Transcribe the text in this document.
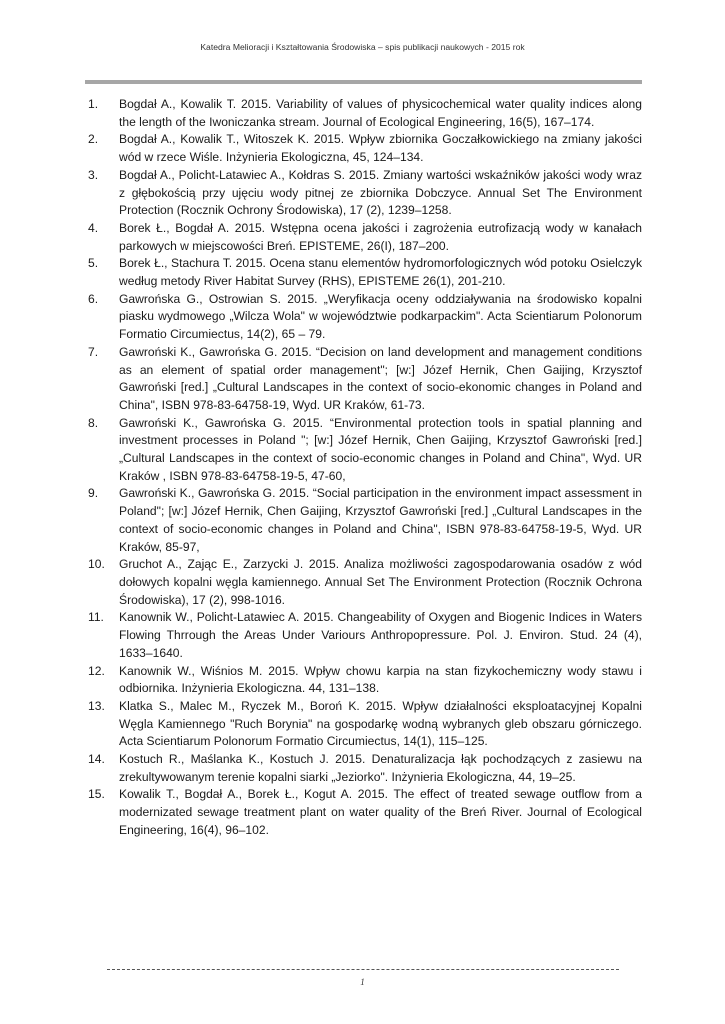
Katedra Melioracji i Kształtowania Środowiska – spis publikacji naukowych - 2015 rok
1.	Bogdał A., Kowalik T. 2015. Variability of values of physicochemical water quality indices along the length of the Iwoniczanka stream. Journal of Ecological Engineering, 16(5), 167–174.
2.	Bogdał A., Kowalik T., Witoszek K. 2015. Wpływ zbiornika Goczałkowickiego na zmiany jakości wód w rzece Wiśle. Inżynieria Ekologiczna, 45, 124–134.
3.	Bogdał A., Policht-Latawiec A., Kołdras S. 2015. Zmiany wartości wskaźników jakości wody wraz z głębokością przy ujęciu wody pitnej ze zbiornika Dobczyce. Annual Set The Environment Protection (Rocznik Ochrony Środowiska), 17 (2), 1239–1258.
4.	Borek Ł., Bogdał A. 2015. Wstępna ocena jakości i zagrożenia eutrofizacją wody w kanałach parkowych w miejscowości Breń. EPISTEME, 26(I), 187–200.
5.	Borek Ł., Stachura T. 2015. Ocena stanu elementów hydromorfologicznych wód potoku Osielczyk według metody River Habitat Survey (RHS), EPISTEME 26(1), 201-210.
6.	Gawrońska G., Ostrowian S. 2015. „Weryfikacja oceny oddziaływania na środowisko kopalni piasku wydmowego „Wilcza Wola" w województwie podkarpackim". Acta Scientiarum Polonorum Formatio Circumiectus, 14(2), 65 – 79.
7.	Gawroński K., Gawrońska G. 2015. “Decision on land development and management conditions as an element of spatial order management"; [w:] Józef Hernik, Chen Gaijing, Krzysztof Gawroński [red.] „Cultural Landscapes in the context of socio-ekonomic changes in Poland and China", ISBN 978-83-64758-19, Wyd. UR Kraków, 61-73.
8.	Gawroński K., Gawrońska G. 2015. “Environmental protection tools in spatial planning and investment processes in Poland "; [w:] Józef Hernik, Chen Gaijing, Krzysztof Gawroński [red.] „Cultural Landscapes in the context of socio-economic changes in Poland and China", Wyd. UR Kraków , ISBN 978-83-64758-19-5, 47-60,
9.	Gawroński K., Gawrońska G. 2015. “Social participation in the environment impact assessment in Poland"; [w:] Józef Hernik, Chen Gaijing, Krzysztof Gawroński [red.] „Cultural Landscapes in the context of socio-economic changes in Poland and China", ISBN 978-83-64758-19-5, Wyd. UR Kraków, 85-97,
10.	Gruchot A., Zając E., Zarzycki J. 2015. Analiza możliwości zagospodarowania osadów z wód dołowych kopalni węgla kamiennego. Annual Set The Environment Protection (Rocznik Ochrona Środowiska), 17 (2), 998-1016.
11.	Kanownik W., Policht-Latawiec A. 2015. Changeability of Oxygen and Biogenic Indices in Waters Flowing Thrrough the Areas Under Variours Anthropopressure. Pol. J. Environ. Stud. 24 (4), 1633–1640.
12.	Kanownik W., Wiśnios M. 2015. Wpływ chowu karpia na stan fizykochemiczny wody stawu i odbiornika. Inżynieria Ekologiczna. 44, 131–138.
13.	Klatka S., Malec M., Ryczek M., Boroń K. 2015. Wpływ działalności eksploatacyjnej Kopalni Węgla Kamiennego "Ruch Borynia" na gospodarkę wodną wybranych gleb obszaru górniczego. Acta Scientiarum Polonorum Formatio Circumiectus, 14(1), 115–125.
14.	Kostuch R., Maślanka K., Kostuch J. 2015. Denaturalizacja łąk pochodzących z zasiewu na zrekultywowanym terenie kopalni siarki „Jeziorko". Inżynieria Ekologiczna, 44, 19–25.
15.	Kowalik T., Bogdał A., Borek Ł., Kogut A. 2015. The effect of treated sewage outflow from a modernizated sewage treatment plant on water quality of the Breń River. Journal of Ecological Engineering, 16(4), 96–102.
1
